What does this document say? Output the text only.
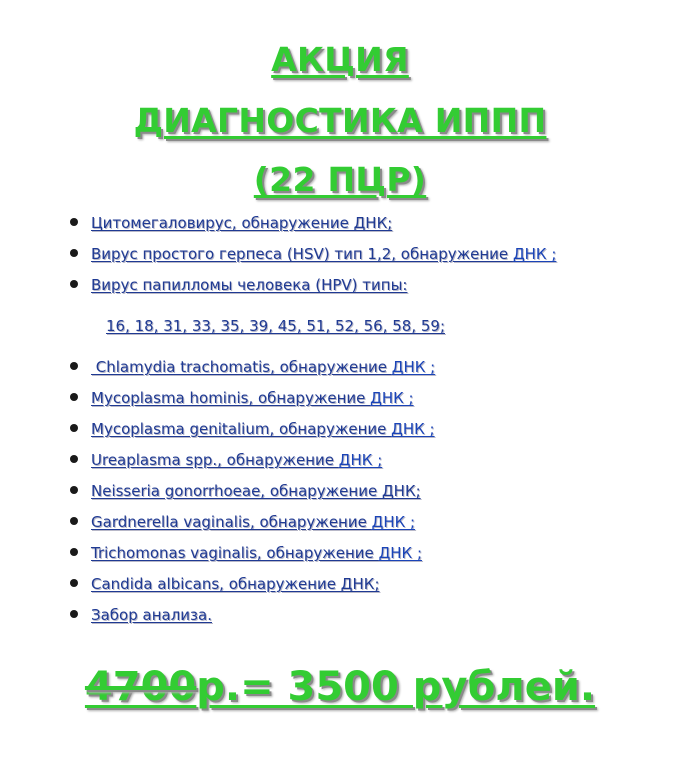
АКЦИЯ
ДИАГНОСТИКА ИППП
(22 ПЦР)
Цитомегаловирус, обнаружение ДНК;
Вирус простого герпеса (HSV) тип 1,2, обнаружение ДНК ;
Вирус папилломы человека (HPV) типы:
Chlamydia trachomatis, обнаружение ДНК ;
Mycoplasma hominis, обнаружение ДНК ;
Mycoplasma genitalium, обнаружение ДНК ;
Ureaplasma spp., обнаружение ДНК ;
Neisseria gonorrhoeae, обнаружение ДНК;
Gardnerella vaginalis, обнаружение ДНК ;
Trichomonas vaginalis, обнаружение ДНК ;
Candida albicans, обнаружение ДНК;
Забор анализа.
16, 18, 31, 33, 35, 39, 45, 51, 52, 56, 58, 59;
4700р.= 3500 рублей.
